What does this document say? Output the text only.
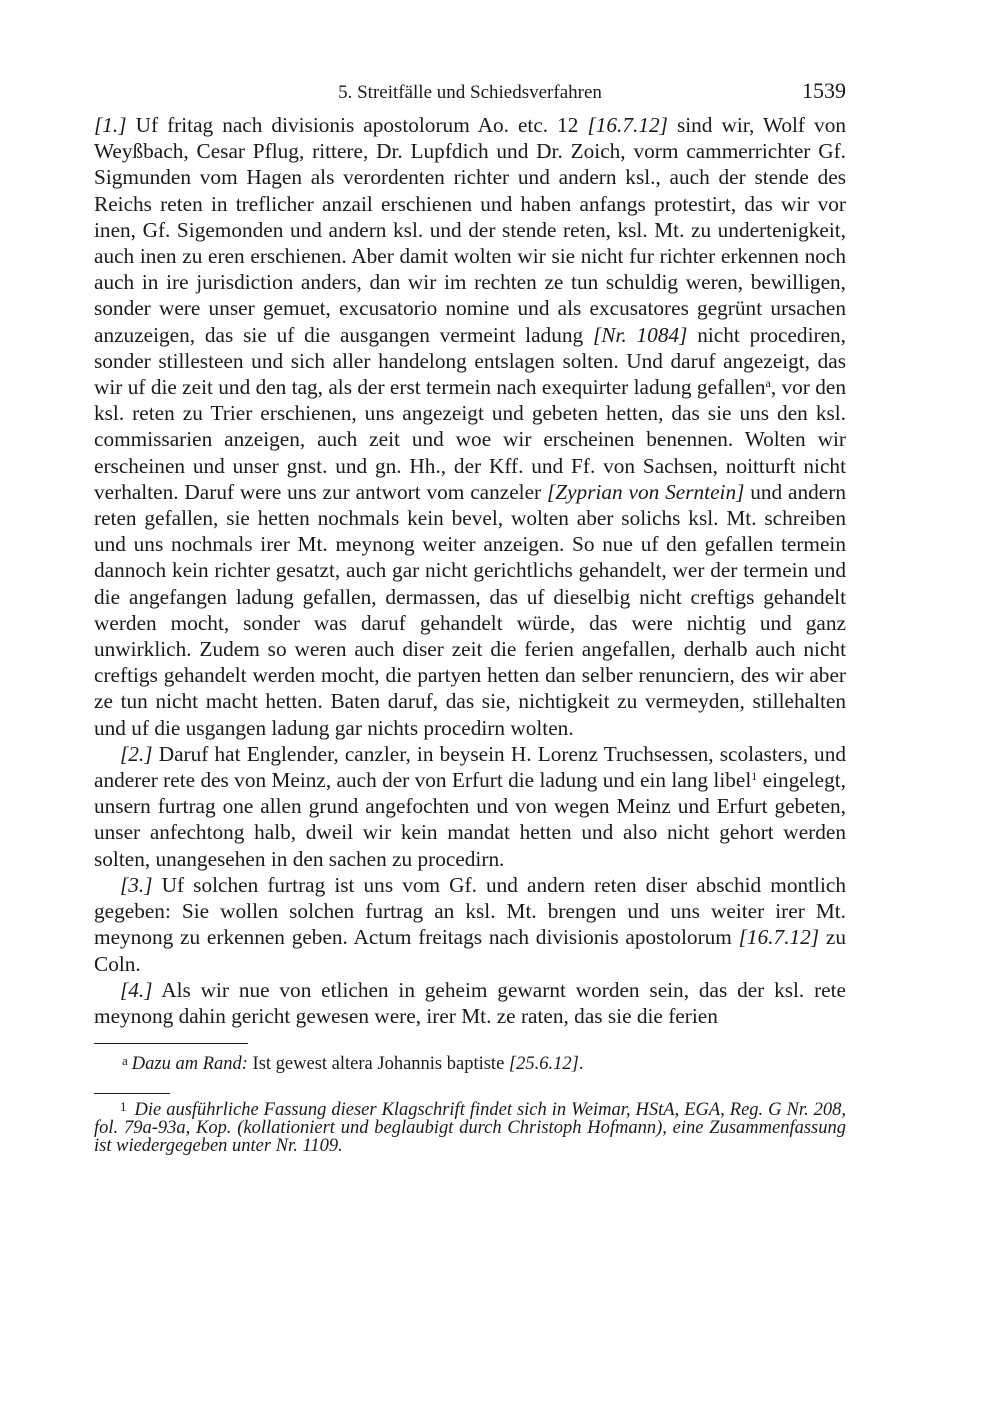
5. Streitfälle und Schiedsverfahren	1539

[1.] Uf fritag nach divisionis apostolorum Ao. etc. 12 [16.7.12] sind wir, Wolf von Weyßbach, Cesar Pflug, rittere, Dr. Lupfdich und Dr. Zoich, vorm cammerrichter Gf. Sigmunden vom Hagen als verordenten richter und andern ksl., auch der stende des Reichs reten in treflicher anzail erschienen und haben anfangs protestirt, das wir vor inen, Gf. Sigemonden und andern ksl. und der stende reten, ksl. Mt. zu undertenigkeit, auch inen zu eren erschienen. Aber damit wolten wir sie nicht fur richter erkennen noch auch in ire jurisdiction anders, dan wir im rechten ze tun schuldig weren, bewilligen, sonder were unser gemuet, excusatorio nomine und als excusatores gegrünt ursachen anzuzeigen, das sie uf die ausgangen vermeint ladung [Nr. 1084] nicht procediren, sonder stillesteen und sich aller handelong entslagen solten. Und daruf angezeigt, das wir uf die zeit und den tag, als der erst termein nach exequirter ladung gefallen$^a$, vor den ksl. reten zu Trier erschienen, uns angezeigt und gebeten hetten, das sie uns den ksl. commissarien anzeigen, auch zeit und woe wir erscheinen benennen. Wolten wir erscheinen und unser gnst. und gn. Hh., der Kff. und Ff. von Sachsen, noitturft nicht verhalten. Daruf were uns zur antwort vom canzeler [Zyprian von Serntein] und andern reten gefallen, sie hetten nochmals kein bevel, wolten aber solichs ksl. Mt. schreiben und uns nochmals irer Mt. meynong weiter anzeigen. So nue uf den gefallen termein dannoch kein richter gesatzt, auch gar nicht gerichtlichs gehandelt, wer der termein und die angefangen ladung gefallen, dermassen, das uf dieselbig nicht creftigs gehandelt werden mocht, sonder was daruf gehandelt würde, das were nichtig und ganz unwirklich. Zudem so weren auch diser zeit die ferien angefallen, derhalb auch nicht creftigs gehandelt werden mocht, die partyen hetten dan selber renunciern, des wir aber ze tun nicht macht hetten. Baten daruf, das sie, nichtigkeit zu vermeyden, stillehalten und uf die usgangen ladung gar nichts procedirn wolten.

[2.] Daruf hat Englender, canzler, in beysein H. Lorenz Truchsessen, scolasters, und anderer rete des von Meinz, auch der von Erfurt die ladung und ein lang libel$^1$ eingelegt, unsern furtrag one allen grund angefochten und von wegen Meinz und Erfurt gebeten, unser anfechtong halb, dweil wir kein mandat hetten und also nicht gehort werden solten, unangesehen in den sachen zu procedirn.

[3.] Uf solchen furtrag ist uns vom Gf. und andern reten diser abschid montlich gegeben: Sie wollen solchen furtrag an ksl. Mt. brengen und uns weiter irer Mt. meynong zu erkennen geben. Actum freitags nach divisionis apostolorum [16.7.12] zu Coln.

[4.] Als wir nue von etlichen in geheim gewarnt worden sein, das der ksl. rete meynong dahin gericht gewesen were, irer Mt. ze raten, das sie die ferien

$^a$ Dazu am Rand: Ist gewest altera Johannis baptiste [25.6.12].
$^1$ Die ausführliche Fassung dieser Klagschrift findet sich in Weimar, HStA, EGA, Reg. G Nr. 208, fol. 79a-93a, Kop. (kollationiert und beglaubigt durch Christoph Hofmann), eine Zusammenfassung ist wiedergegeben unter Nr. 1109.
